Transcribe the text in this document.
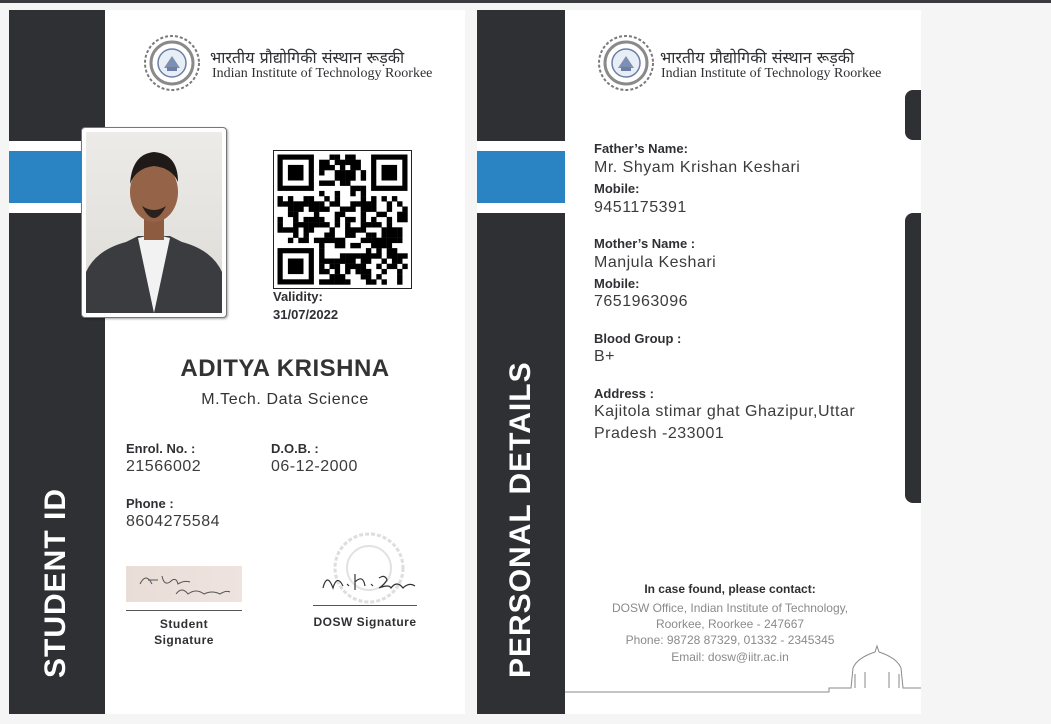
STUDENT ID
भारतीय प्रौद्योगिकी संस्थान रूड़की
Indian Institute of Technology Roorkee
Validity:
31/07/2022
ADITYA KRISHNA
M.Tech. Data Science
Enrol. No. :
21566002
D.O.B. :
06-12-2000
Phone :
8604275584
Student
Signature
DOSW Signature	PERSONAL DETAILS
भारतीय प्रौद्योगिकी संस्थान रूड़की
Indian Institute of Technology Roorkee
Father’s Name:
Mr. Shyam Krishan Keshari
Mobile:
9451175391
Mother’s Name :
Manjula Keshari
Mobile:
7651963096
Blood Group :
B+
Address :
Kajitola stimar ghat Ghazipur,Uttar
Pradesh -233001
In case found, please contact:
DOSW Office, Indian Institute of Technology,
Roorkee, Roorkee - 247667
Phone: 98728 87329, 01332 - 2345345
Email: dosw@iitr.ac.in
